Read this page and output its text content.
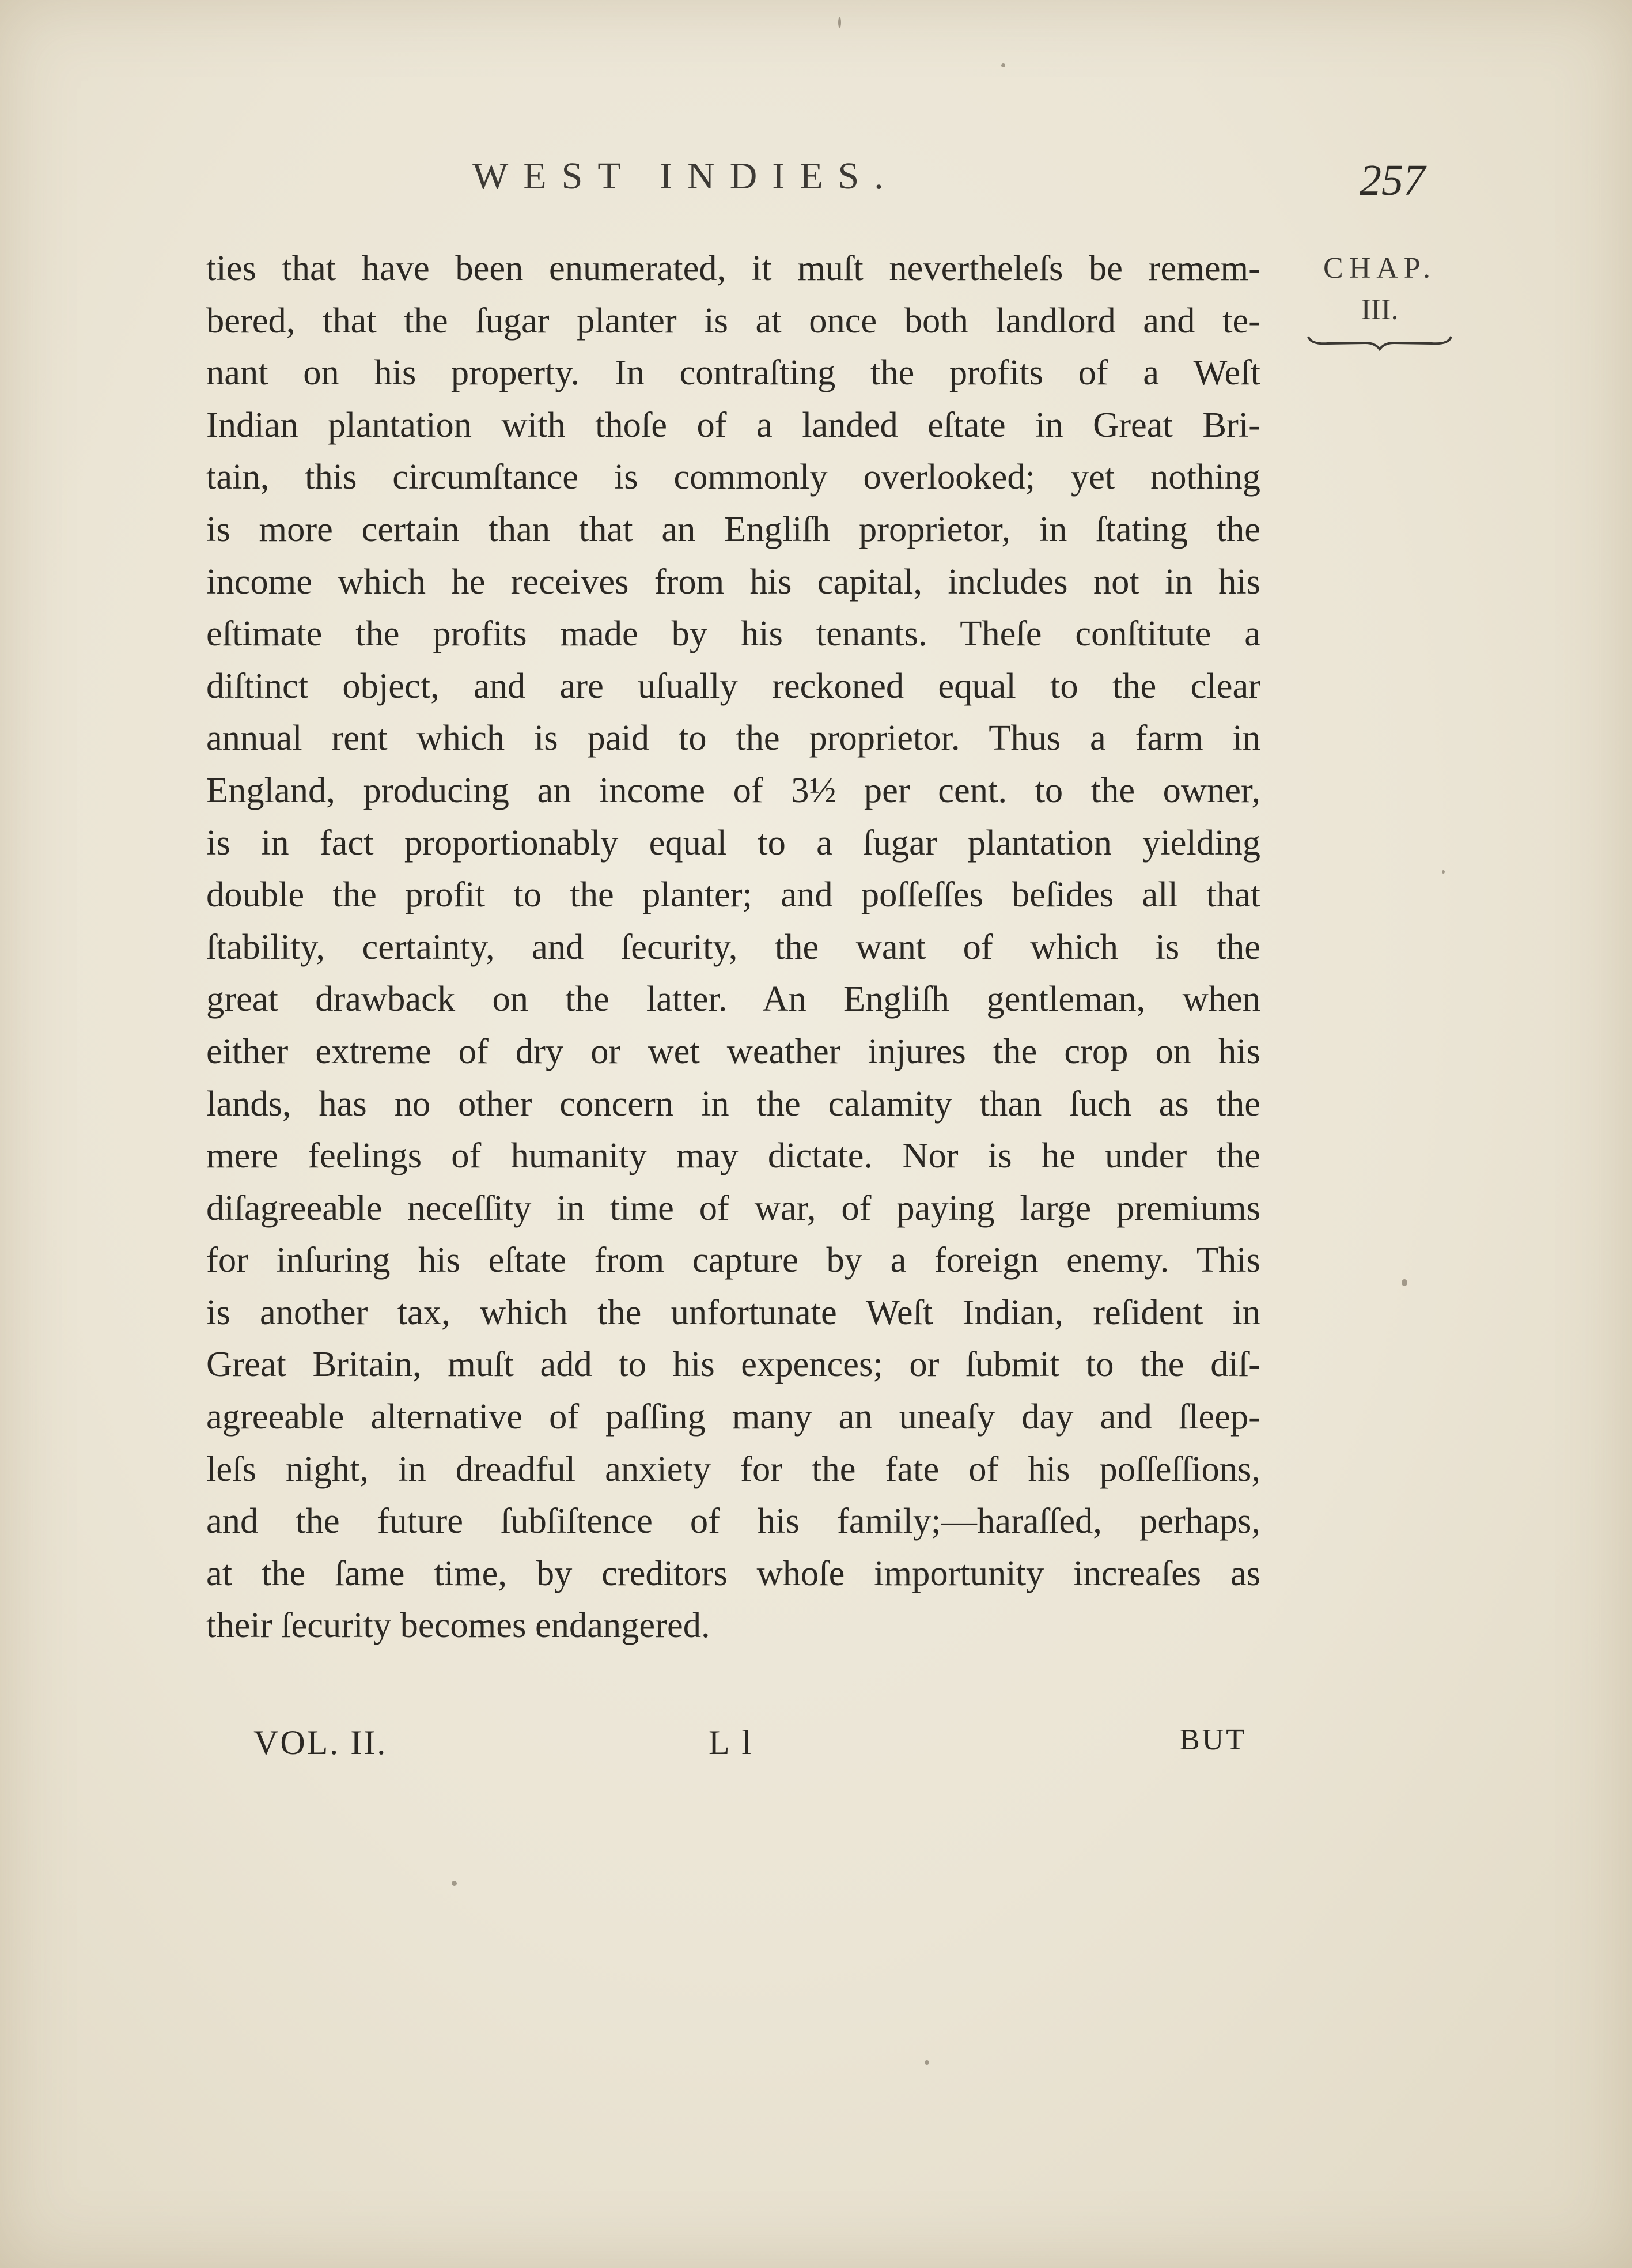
WEST INDIES.	257
CHAP.
III.
ties that have been enumerated, it muſt nevertheleſs be remem-
bered, that the ſugar planter is at once both landlord and te-
nant on his property. In contraſting the profits of a Weſt
Indian plantation with thoſe of a landed eſtate in Great Bri-
tain, this circumſtance is commonly overlooked; yet nothing
is more certain than that an Engliſh proprietor, in ſtating the
income which he receives from his capital, includes not in his
eſtimate the profits made by his tenants. Theſe conſtitute a
diſtinct object, and are uſually reckoned equal to the clear
annual rent which is paid to the proprietor. Thus a farm in
England, producing an income of 3½ per cent. to the owner,
is in fact proportionably equal to a ſugar plantation yielding
double the profit to the planter; and poſſeſſes beſides all that
ſtability, certainty, and ſecurity, the want of which is the
great drawback on the latter. An Engliſh gentleman, when
either extreme of dry or wet weather injures the crop on his
lands, has no other concern in the calamity than ſuch as the
mere feelings of humanity may dictate. Nor is he under the
diſagreeable neceſſity in time of war, of paying large premiums
for inſuring his eſtate from capture by a foreign enemy. This
is another tax, which the unfortunate Weſt Indian, reſident in
Great Britain, muſt add to his expences; or ſubmit to the diſ-
agreeable alternative of paſſing many an uneaſy day and ſleep-
leſs night, in dreadful anxiety for the fate of his poſſeſſions,
and the future ſubſiſtence of his family;—haraſſed, perhaps,
at the ſame time, by creditors whoſe importunity increaſes as
their ſecurity becomes endangered.
VOL. II.	L l	BUT
